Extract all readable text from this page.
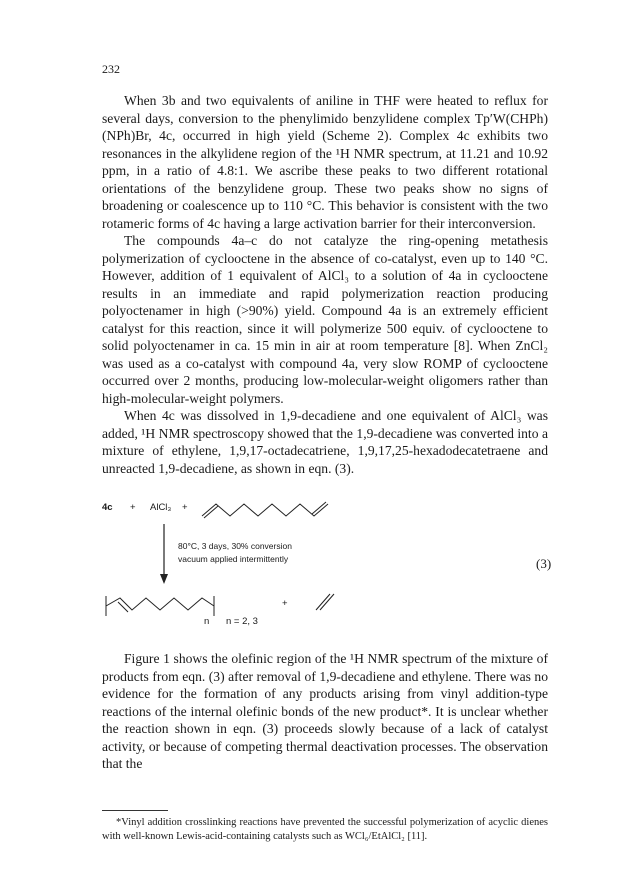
232

When 3b and two equivalents of aniline in THF were heated to reflux for several days, conversion to the phenylimido benzylidene complex Tp′W(CHPh)(NPh)Br, 4c, occurred in high yield (Scheme 2). Complex 4c exhibits two resonances in the alkylidene region of the ¹H NMR spectrum, at 11.21 and 10.92 ppm, in a ratio of 4.8:1. We ascribe these peaks to two different rotational orientations of the benzylidene group. These two peaks show no signs of broadening or coalescence up to 110 °C. This behavior is consistent with the two rotameric forms of 4c having a large activation barrier for their interconversion.

The compounds 4a–c do not catalyze the ring-opening metathesis polymerization of cyclooctene in the absence of co-catalyst, even up to 140 °C. However, addition of 1 equivalent of AlCl₃ to a solution of 4a in cyclooctene results in an immediate and rapid polymerization reaction producing polyoctenamer in high (>90%) yield. Compound 4a is an extremely efficient catalyst for this reaction, since it will polymerize 500 equiv. of cyclooctene to solid polyoctenamer in ca. 15 min in air at room temperature [8]. When ZnCl₂ was used as a co-catalyst with compound 4a, very slow ROMP of cyclooctene occurred over 2 months, producing low-molecular-weight oligomers rather than high-molecular-weight polymers.

When 4c was dissolved in 1,9-decadiene and one equivalent of AlCl₃ was added, ¹H NMR spectroscopy showed that the 1,9-decadiene was converted into a mixture of ethylene, 1,9,17-octadecatriene, 1,9,17,25-hexadodecatetraene and unreacted 1,9-decadiene, as shown in eqn. (3).

4c + AlCl₃ +
80°C, 3 days, 30% conversion
vacuum applied intermittently
n n = 2, 3
+
(3)

Figure 1 shows the olefinic region of the ¹H NMR spectrum of the mixture of products from eqn. (3) after removal of 1,9-decadiene and ethylene. There was no evidence for the formation of any products arising from vinyl addition-type reactions of the internal olefinic bonds of the new product*. It is unclear whether the reaction shown in eqn. (3) proceeds slowly because of a lack of catalyst activity, or because of competing thermal deactivation processes. The observation that the

*Vinyl addition crosslinking reactions have prevented the successful polymerization of acyclic dienes with well-known Lewis-acid-containing catalysts such as WCl₆/EtAlCl₂ [11].
